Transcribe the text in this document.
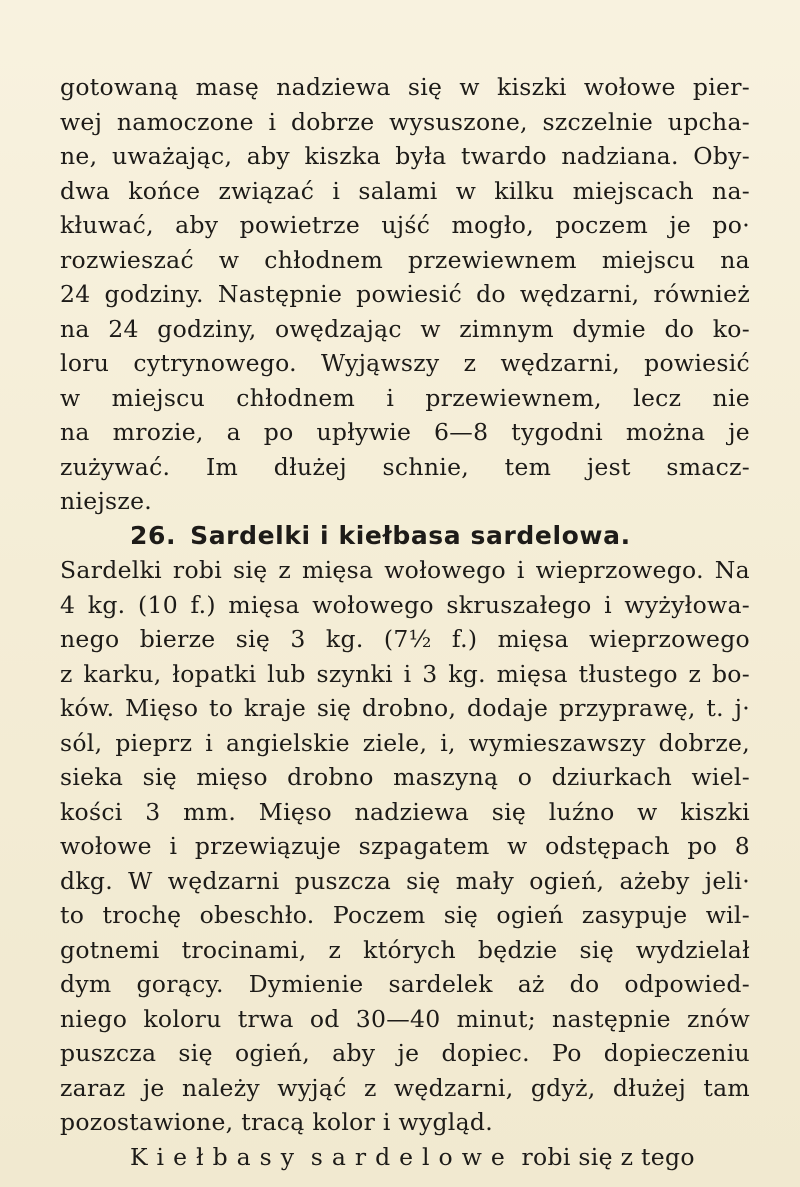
gotowaną masę nadziewa się w kiszki wołowe pier-
wej namoczone i dobrze wysuszone, szczelnie upcha-
ne, uważając, aby kiszka była twardo nadziana. Oby-
dwa końce związać i salami w kilku miejscach na-
kłuwać, aby powietrze ujść mogło, poczem je po·
rozwieszać w chłodnem przewiewnem miejscu na
24 godziny. Następnie powiesić do wędzarni, również
na 24 godziny, owędzając w zimnym dymie do ko-
loru cytrynowego. Wyjąwszy z wędzarni, powiesić
w miejscu chłodnem i przewiewnem, lecz nie
na mrozie, a po upływie 6—8 tygodni można je
zużywać. Im dłużej schnie, tem jest smacz-
niejsze.
26. Sardelki i kiełbasa sardelowa.
Sardelki robi się z mięsa wołowego i wieprzowego. Na
4 kg. (10 f.) mięsa wołowego skruszałego i wyżyłowa-
nego bierze się 3 kg. (7½ f.) mięsa wieprzowego
z karku, łopatki lub szynki i 3 kg. mięsa tłustego z bo-
ków. Mięso to kraje się drobno, dodaje przyprawę, t. j·
sól, pieprz i angielskie ziele, i, wymieszawszy dobrze,
sieka się mięso drobno maszyną o dziurkach wiel-
kości 3 mm. Mięso nadziewa się luźno w kiszki
wołowe i przewiązuje szpagatem w odstępach po 8
dkg. W wędzarni puszcza się mały ogień, ażeby jeli·
to trochę obeschło. Poczem się ogień zasypuje wil-
gotnemi trocinami, z których będzie się wydzielał
dym gorący. Dymienie sardelek aż do odpowied-
niego koloru trwa od 30—40 minut; następnie znów
puszcza się ogień, aby je dopiec. Po dopieczeniu
zaraz je należy wyjąć z wędzarni, gdyż, dłużej tam
pozostawione, tracą kolor i wygląd.
Kiełbasy sardelowe robi się z tego
